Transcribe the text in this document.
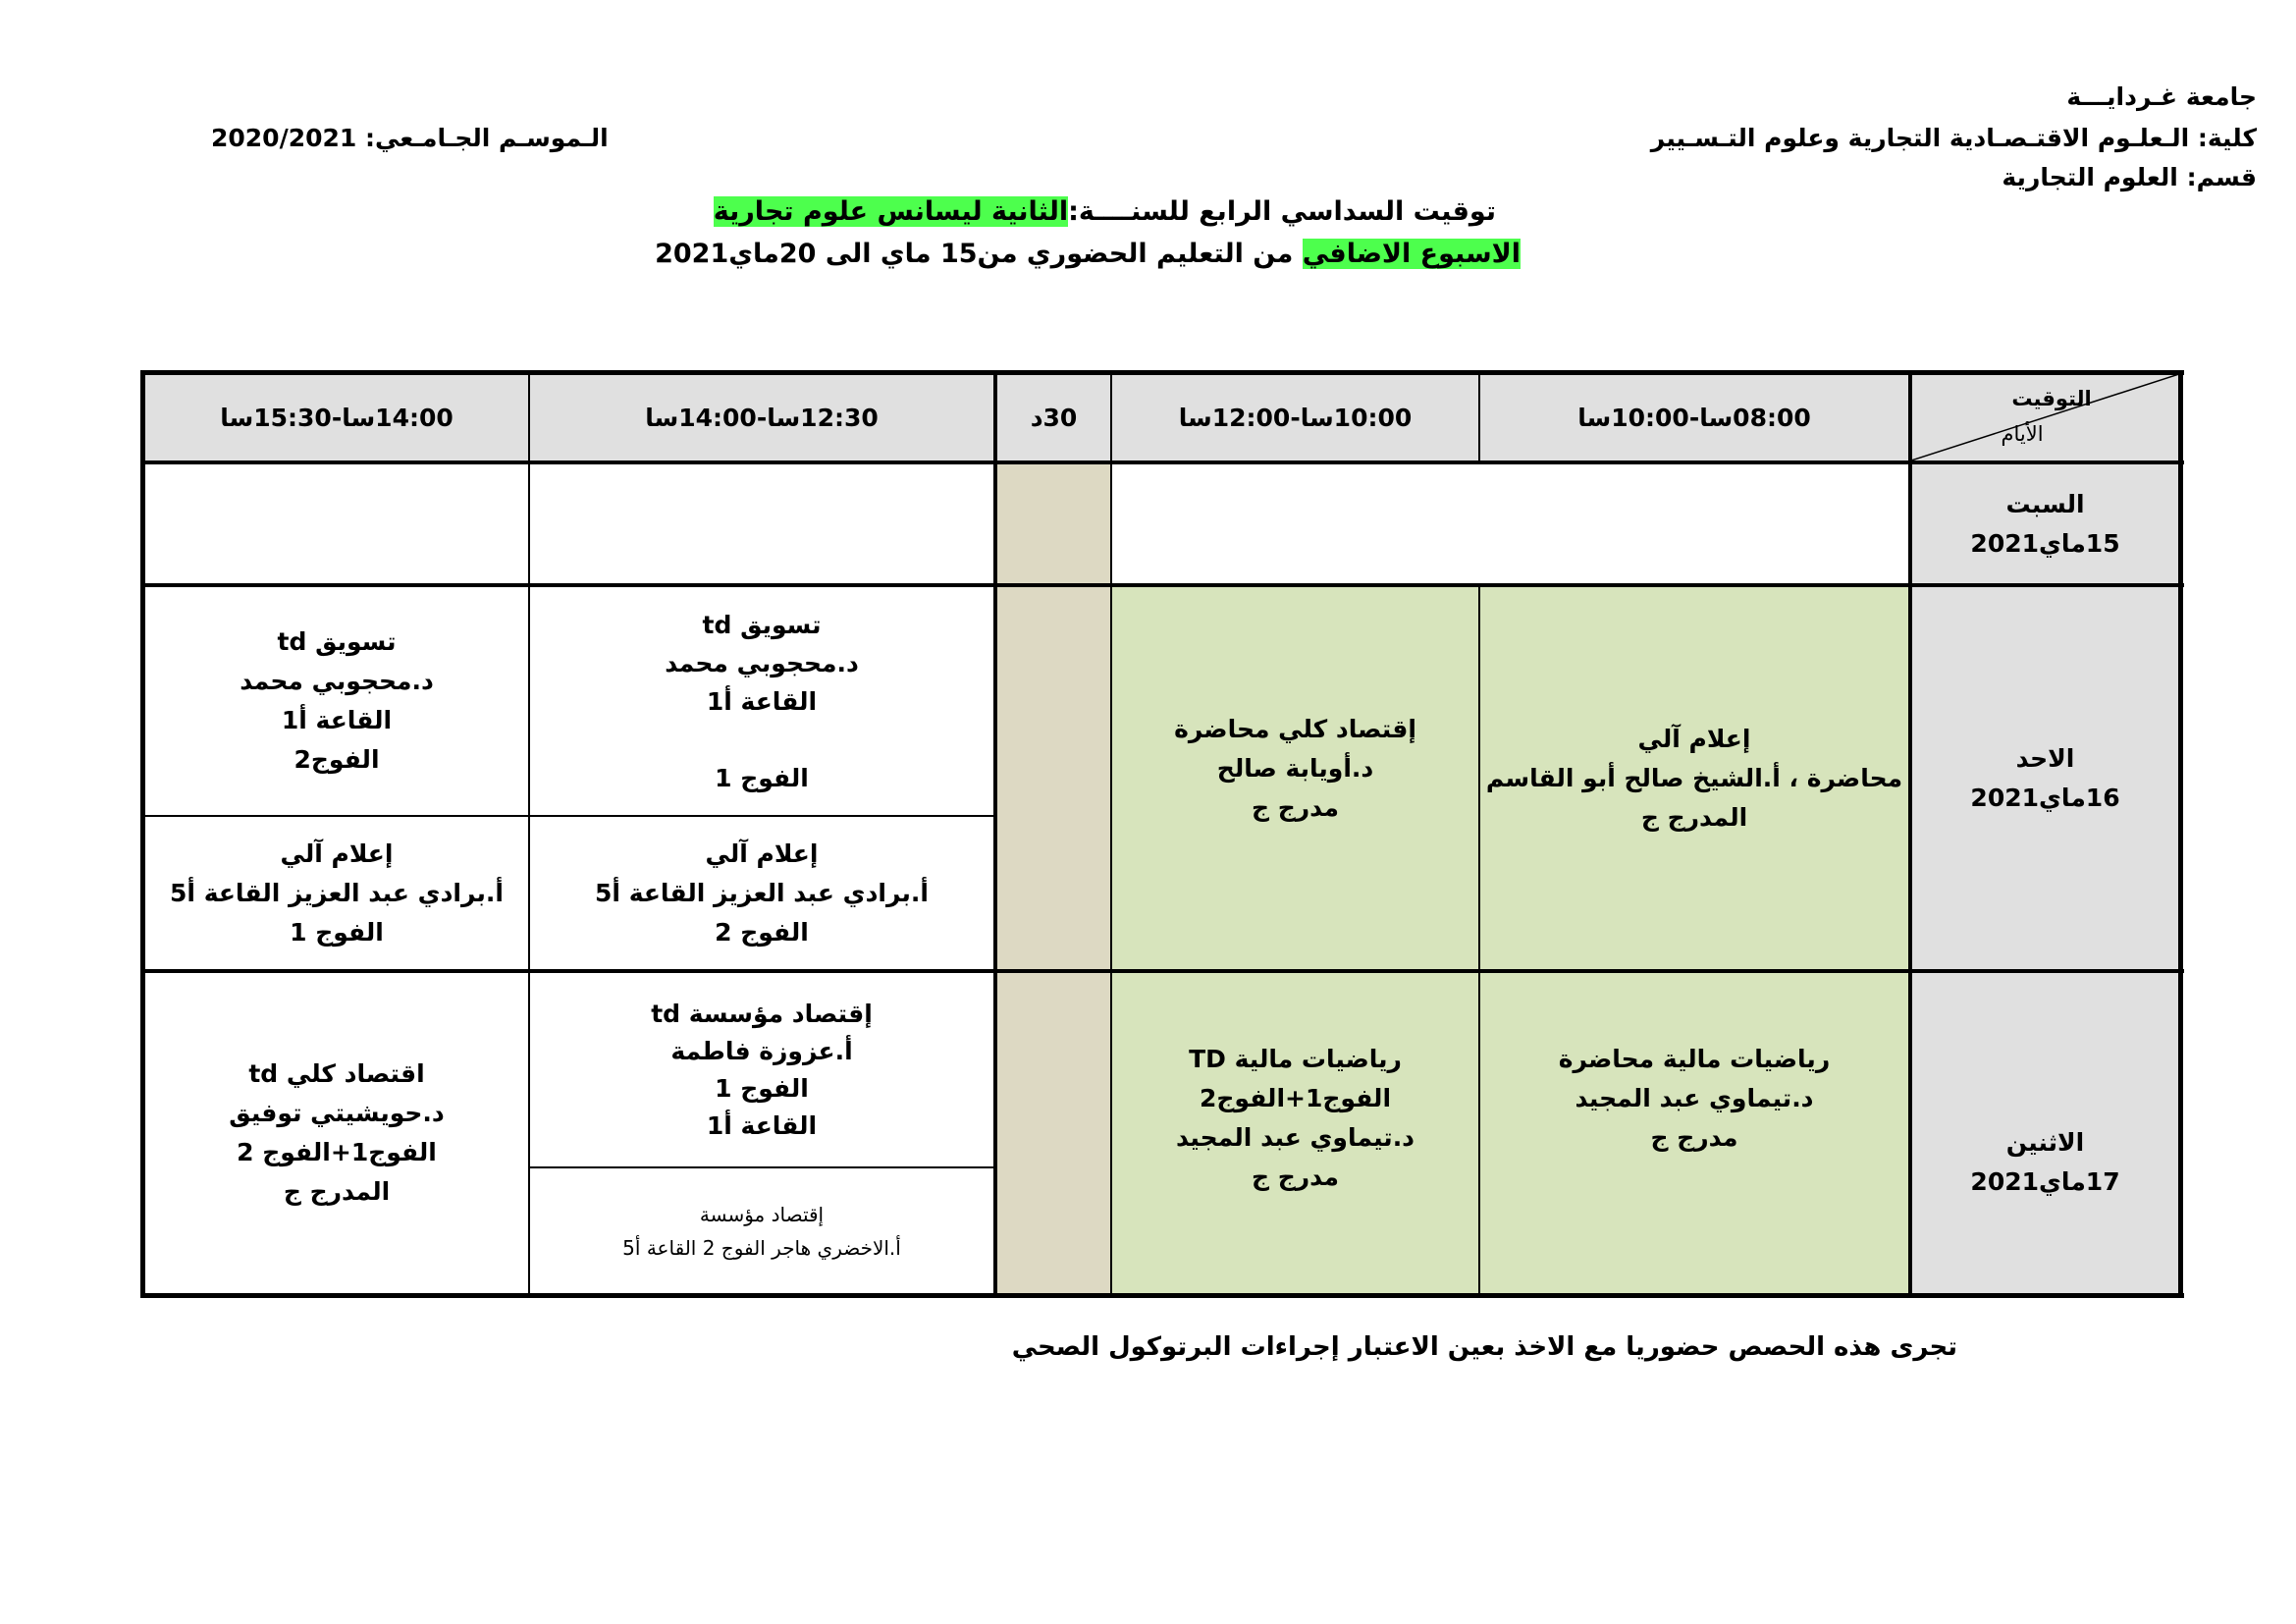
جامعة غـردايـــة
كلية: الـعلـوم الاقتـصـادية التجارية وعلوم التـسـيير
قسم: العلوم التجارية
الـموسـم الجـامـعي: 2020/2021
توقيت السداسي الرابع للسنــــة:الثانية ليسانس علوم تجارية
الاسبوع الاضافي من التعليم الحضوري من15 ماي الى 20ماي2021
التوقيت
الأيام
08:00سا-10:00سا
10:00سا-12:00سا
30د
12:30سا-14:00سا
14:00سا-15:30سا
السبت
15ماي2021
الاحد
16ماي2021
الاثنين
17ماي2021
إعلام آلي
محاضرة ، أ.الشيخ صالح أبو القاسم
المدرج ج
إقتصاد كلي محاضرة
د.أويابة صالح
مدرج ج
تسويق td
د.محجوبي محمد
القاعة أ1
الفوج 1
إعلام آلي
أ.برادي عبد العزيز القاعة أ5
الفوج 2
تسويق td
د.محجوبي محمد
القاعة أ1
الفوج2
إعلام آلي
أ.برادي عبد العزيز القاعة أ5
الفوج 1
رياضيات مالية محاضرة
د.تيماوي عبد المجيد
مدرج ج
رياضيات مالية TD
الفوج1+الفوج2
د.تيماوي عبد المجيد
مدرج ج
إقتصاد مؤسسة td
أ.عزوزة فاطمة
الفوج 1
القاعة أ1
إقتصاد مؤسسة
أ.الاخضري هاجر الفوج 2 القاعة أ5
اقتصاد كلي td
د.حويشيتي توفيق
الفوج1+الفوج 2
المدرج ج
تجرى هذه الحصص حضوريا مع الاخذ بعين الاعتبار إجراءات البرتوكول الصحي
